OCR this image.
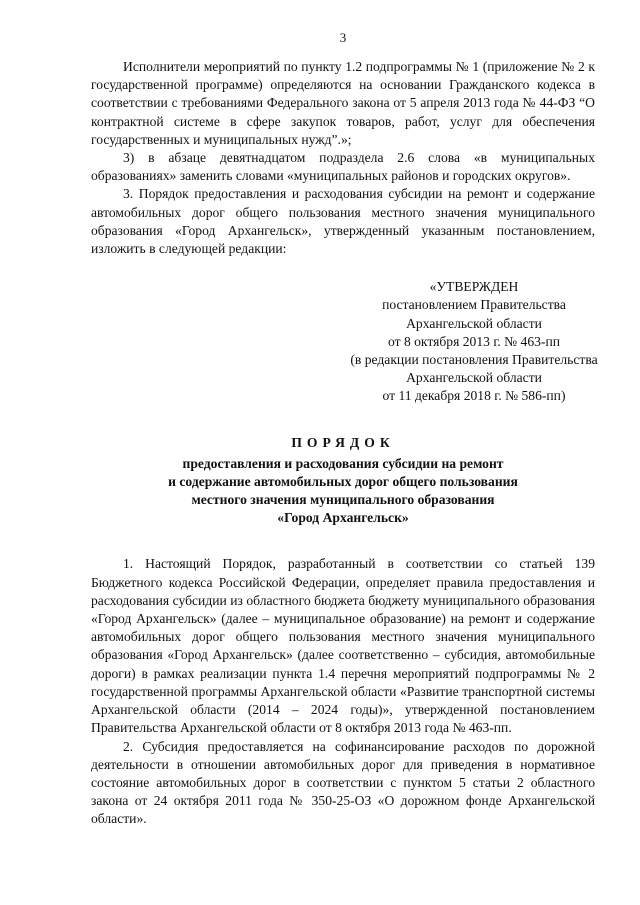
3

Исполнители мероприятий по пункту 1.2 подпрограммы № 1 (приложение № 2 к государственной программе) определяются на основании Гражданского кодекса в соответствии с требованиями Федерального закона от 5 апреля 2013 года № 44-ФЗ “О контрактной системе в сфере закупок товаров, работ, услуг для обеспечения государственных и муниципальных нужд”.»;

3) в абзаце девятнадцатом подраздела 2.6 слова «в муниципальных образованиях» заменить словами «муниципальных районов и городских округов».

3. Порядок предоставления и расходования субсидии на ремонт и содержание автомобильных дорог общего пользования местного значения муниципального образования «Город Архангельск», утвержденный указанным постановлением, изложить в следующей редакции:

«УТВЕРЖДЕН
постановлением Правительства
Архангельской области
от 8 октября 2013 г. № 463-пп
(в редакции постановления Правительства
Архангельской области
от 11 декабря 2018 г. № 586-пп)
ПОРЯДОК
предоставления и расходования субсидии на ремонт
и содержание автомобильных дорог общего пользования
местного значения муниципального образования
«Город Архангельск»

1. Настоящий Порядок, разработанный в соответствии со статьей 139 Бюджетного кодекса Российской Федерации, определяет правила предоставления и расходования субсидии из областного бюджета бюджету муниципального образования «Город Архангельск» (далее – муниципальное образование) на ремонт и содержание автомобильных дорог общего пользования местного значения муниципального образования «Город Архангельск» (далее соответственно – субсидия, автомобильные дороги) в рамках реализации пункта 1.4 перечня мероприятий подпрограммы № 2 государственной программы Архангельской области «Развитие транспортной системы Архангельской области (2014 – 2024 годы)», утвержденной постановлением Правительства Архангельской области от 8 октября 2013 года № 463-пп.

2. Субсидия предоставляется на софинансирование расходов по дорожной деятельности в отношении автомобильных дорог для приведения в нормативное состояние автомобильных дорог в соответствии с пунктом 5 статьи 2 областного закона от 24 октября 2011 года № 350-25-ОЗ «О дорожном фонде Архангельской области».
